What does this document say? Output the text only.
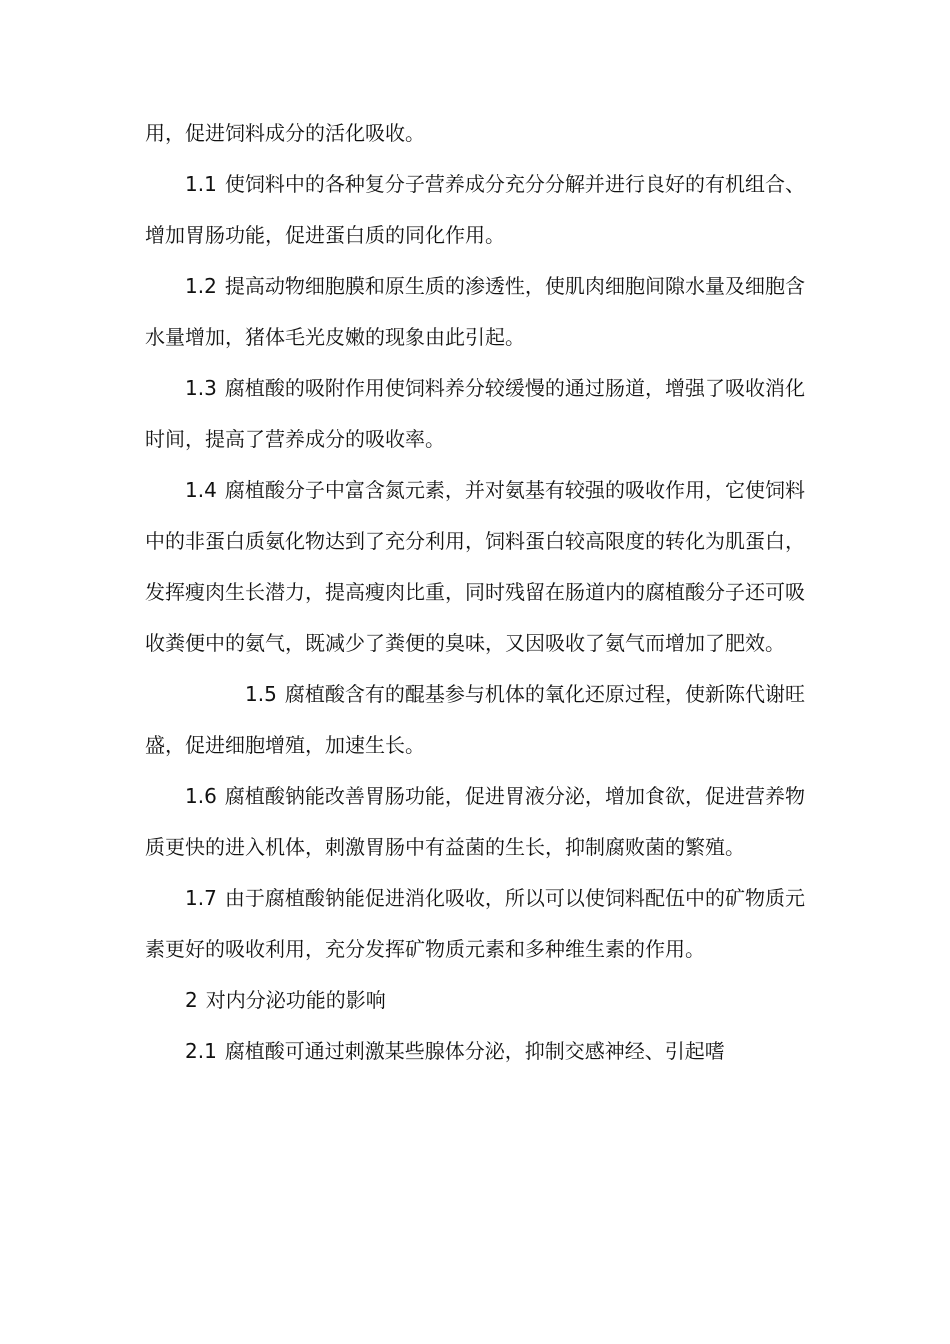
用，促进饲料成分的活化吸收。

1.1 使饲料中的各种复分子营养成分充分分解并进行良好的有机组合、增加胃肠功能，促进蛋白质的同化作用。

1.2 提高动物细胞膜和原生质的渗透性，使肌肉细胞间隙水量及细胞含水量增加，猪体毛光皮嫩的现象由此引起。

1.3 腐植酸的吸附作用使饲料养分较缓慢的通过肠道，增强了吸收消化时间，提高了营养成分的吸收率。

1.4 腐植酸分子中富含氮元素，并对氨基有较强的吸收作用，它使饲料中的非蛋白质氨化物达到了充分利用，饲料蛋白较高限度的转化为肌蛋白，发挥瘦肉生长潜力，提高瘦肉比重，同时残留在肠道内的腐植酸分子还可吸收粪便中的氨气，既减少了粪便的臭味，又因吸收了氨气而增加了肥效。

1.5 腐植酸含有的醌基参与机体的氧化还原过程，使新陈代谢旺盛，促进细胞增殖，加速生长。

1.6 腐植酸钠能改善胃肠功能，促进胃液分泌，增加食欲，促进营养物质更快的进入机体，刺激胃肠中有益菌的生长，抑制腐败菌的繁殖。

1.7 由于腐植酸钠能促进消化吸收，所以可以使饲料配伍中的矿物质元素更好的吸收利用，充分发挥矿物质元素和多种维生素的作用。

2 对内分泌功能的影响

2.1 腐植酸可通过刺激某些腺体分泌，抑制交感神经、引起嗜
